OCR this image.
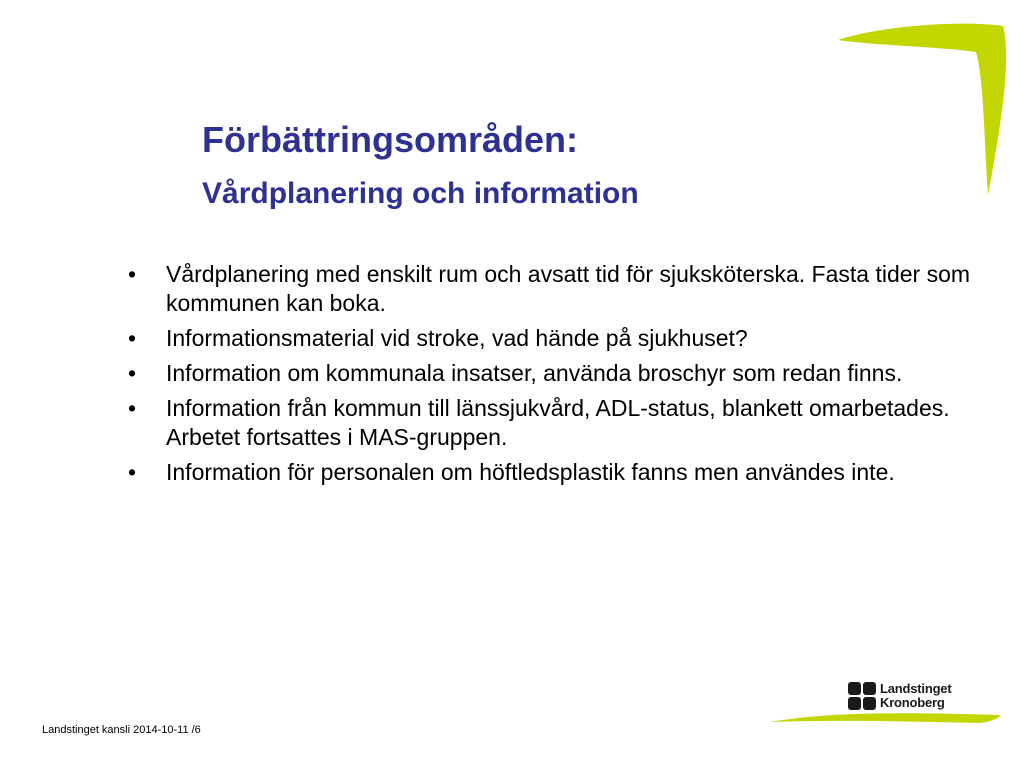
Förbättringsområden:
Vårdplanering och information
• Vårdplanering med enskilt rum och avsatt tid för sjuksköterska. Fasta tider som kommunen kan boka.
• Informationsmaterial vid stroke, vad hände på sjukhuset?
• Information om kommunala insatser, använda broschyr som redan finns.
• Information från kommun till länssjukvård, ADL-status, blankett omarbetades. Arbetet fortsattes i MAS-gruppen.
• Information för personalen om höftledsplastik fanns men användes inte.
Landstinget kansli 2014-10-11 /6
Landstinget
Kronoberg
